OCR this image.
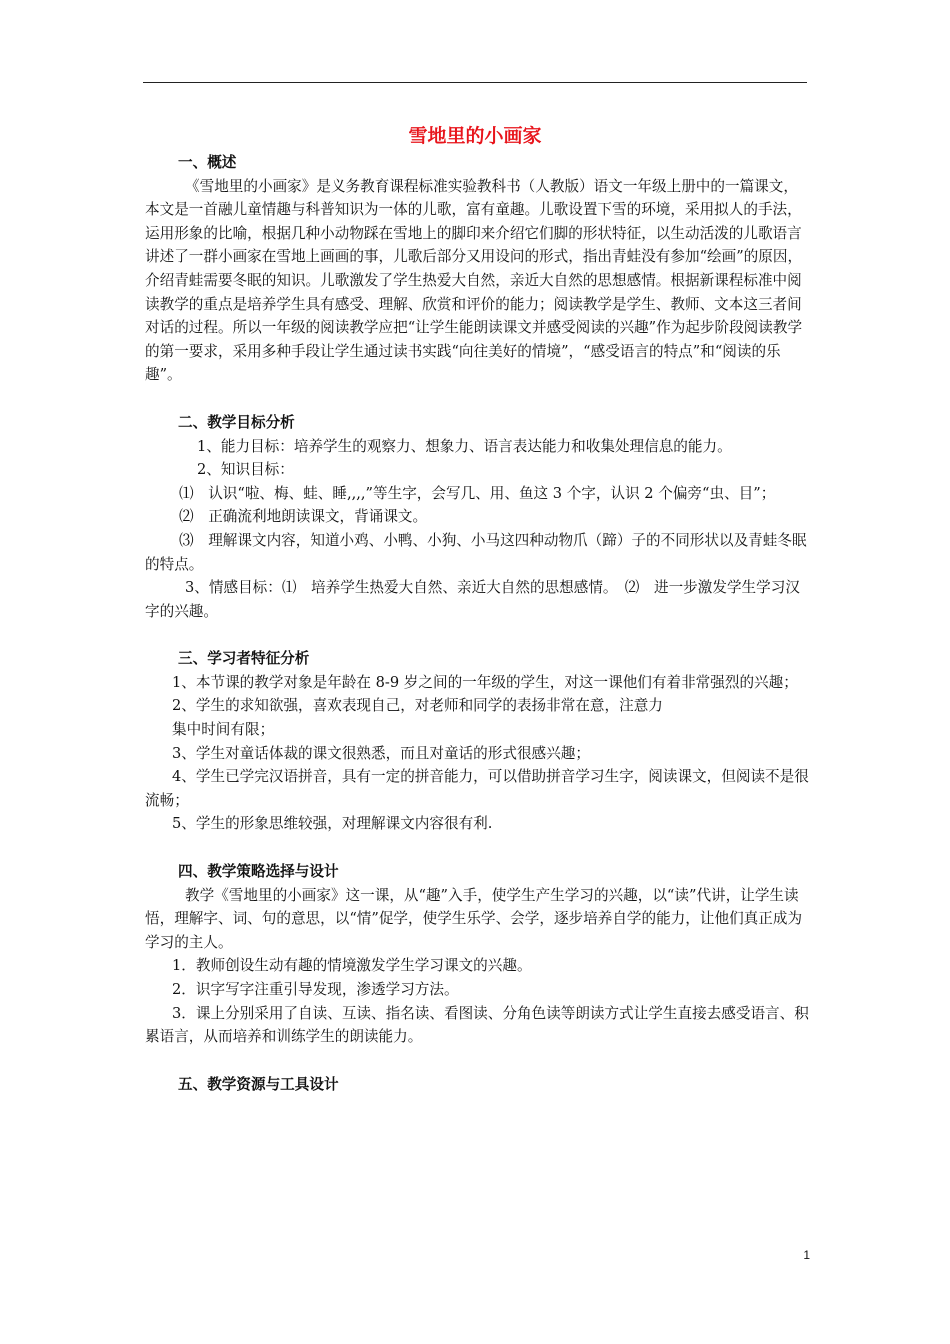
雪地里的小画家

一、概述

《雪地里的小画家》是义务教育课程标准实验教科书（人教版）语文一年级上册中的一篇课文，本文是一首融儿童情趣与科普知识为一体的儿歌，富有童趣。儿歌设置下雪的环境，采用拟人的手法，运用形象的比喻，根据几种小动物踩在雪地上的脚印来介绍它们脚的形状特征，以生动活泼的儿歌语言讲述了一群小画家在雪地上画画的事，儿歌后部分又用设问的形式，指出青蛙没有参加“绘画”的原因，介绍青蛙需要冬眠的知识。儿歌激发了学生热爱大自然，亲近大自然的思想感情。根据新课程标准中阅读教学的重点是培养学生具有感受、理解、欣赏和评价的能力；阅读教学是学生、教师、文本这三者间对话的过程。所以一年级的阅读教学应把“让学生能朗读课文并感受阅读的兴趣”作为起步阶段阅读教学的第一要求，采用多种手段让学生通过读书实践“向往美好的情境”，“感受语言的特点”和“阅读的乐趣”。

二、教学目标分析

1、能力目标：培养学生的观察力、想象力、语言表达能力和收集处理信息的能力。

2、知识目标：

⑴　认识“啦、梅、蛙、睡,,,,”等生字，会写几、用、鱼这 3 个字，认识 2 个偏旁“虫、目”；

⑵　正确流利地朗读课文，背诵课文。

⑶　理解课文内容，知道小鸡、小鸭、小狗、小马这四种动物爪（蹄）子的不同形状以及青蛙冬眠的特点。

3、情感目标：⑴　培养学生热爱大自然、亲近大自然的思想感情。　⑵　进一步激发学生学习汉字的兴趣。

三、学习者特征分析

1、本节课的教学对象是年龄在 8-9 岁之间的一年级的学生，对这一课他们有着非常强烈的兴趣；

2、学生的求知欲强，喜欢表现自己，对老师和同学的表扬非常在意，注意力

集中时间有限；

3、学生对童话体裁的课文很熟悉，而且对童话的形式很感兴趣；

4、学生已学完汉语拼音，具有一定的拼音能力，可以借助拼音学习生字，阅读课文，但阅读不是很流畅；

5、学生的形象思维较强，对理解课文内容很有利.

四、教学策略选择与设计

教学《雪地里的小画家》这一课，从“趣”入手，使学生产生学习的兴趣，以“读”代讲，让学生读悟，理解字、词、句的意思，以“情”促学，使学生乐学、会学，逐步培养自学的能力，让他们真正成为学习的主人。

1．教师创设生动有趣的情境激发学生学习课文的兴趣。

2．识字写字注重引导发现，渗透学习方法。

3．课上分别采用了自读、互读、指名读、看图读、分角色读等朗读方式让学生直接去感受语言、积累语言，从而培养和训练学生的朗读能力。

五、教学资源与工具设计

1
